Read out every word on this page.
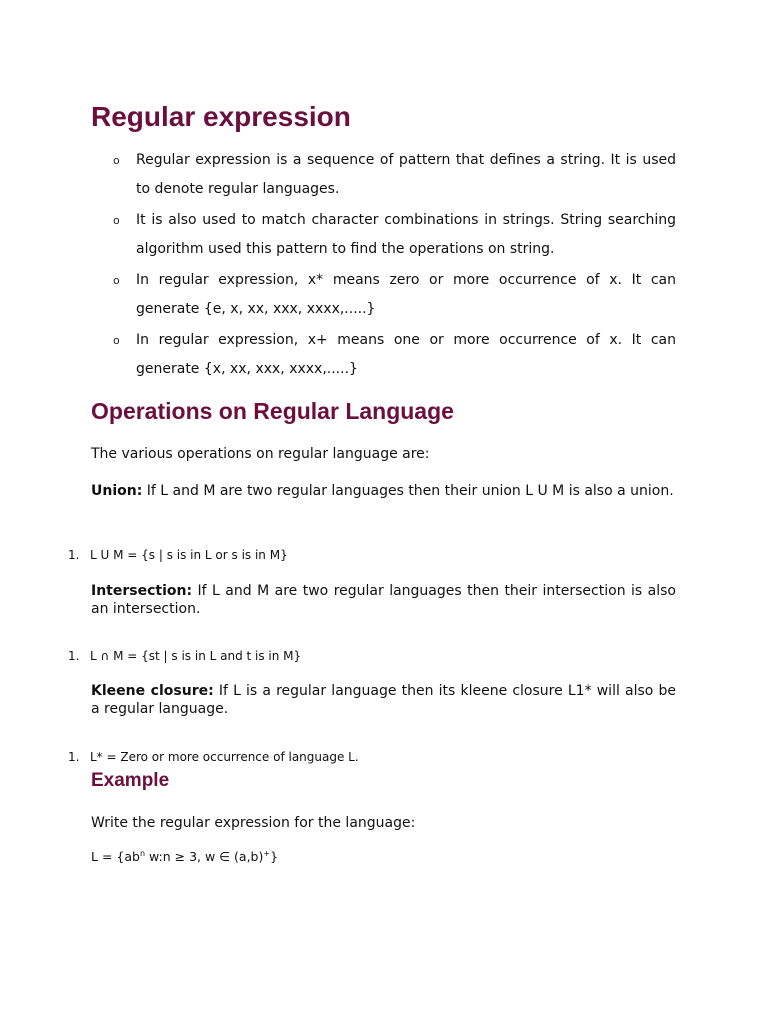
Regular expression
o Regular expression is a sequence of pattern that defines a string. It is used to denote regular languages.
o It is also used to match character combinations in strings. String searching algorithm used this pattern to find the operations on string.
o In regular expression, x* means zero or more occurrence of x. It can generate {e, x, xx, xxx, xxxx,.....}
o In regular expression, x+ means one or more occurrence of x. It can generate {x, xx, xxx, xxxx,.....}
Operations on Regular Language
The various operations on regular language are:
Union: If L and M are two regular languages then their union L U M is also a union.
1. L U M = {s | s is in L or s is in M}
Intersection: If L and M are two regular languages then their intersection is also an intersection.
1. L ∩ M = {st | s is in L and t is in M}
Kleene closure: If L is a regular language then its kleene closure L1* will also be a regular language.
1. L* = Zero or more occurrence of language L.
Example
Write the regular expression for the language:
$L = \{ab^n$ w:n ≥ 3, w ∈ (a,b)+}
